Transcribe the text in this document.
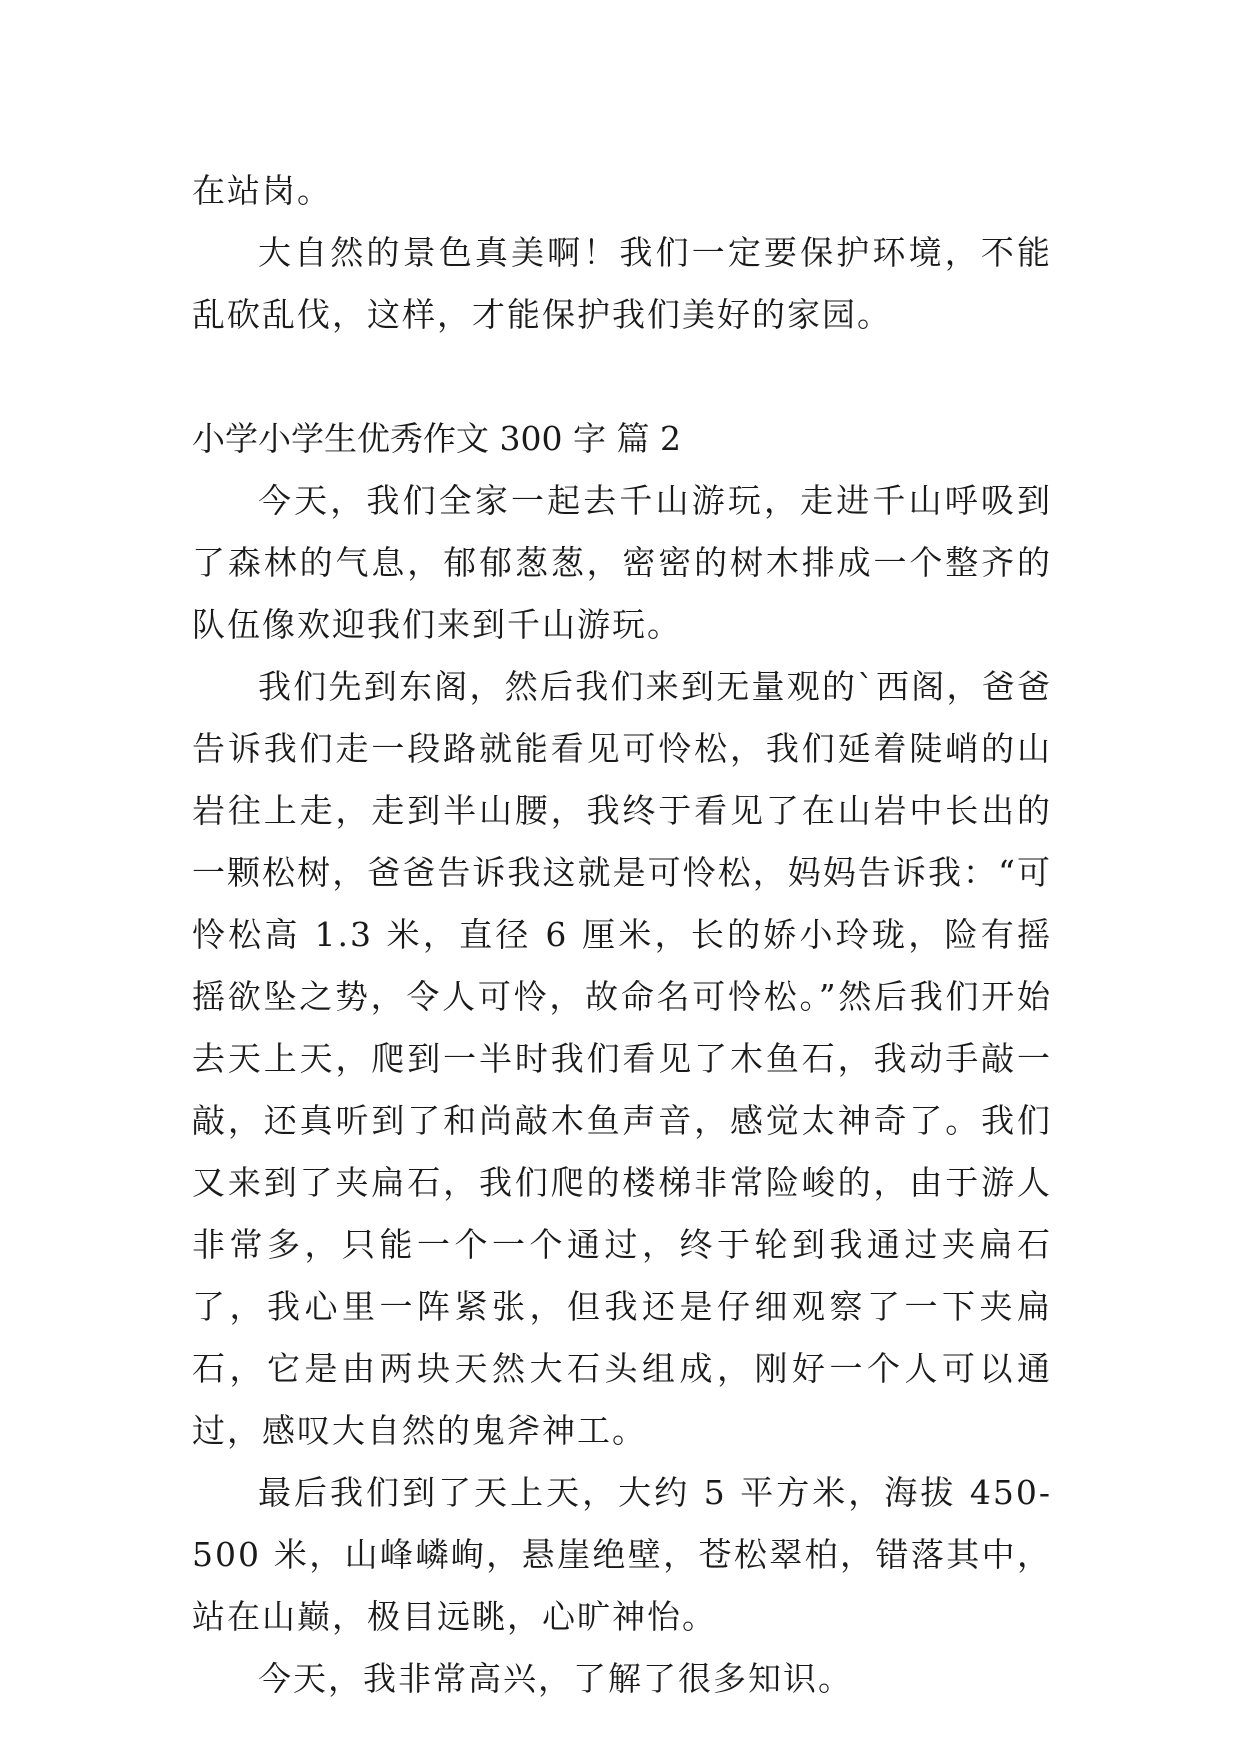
在站岗。

大自然的景色真美啊！我们一定要保护环境，不能乱砍乱伐，这样，才能保护我们美好的家园。

小学小学生优秀作文 300 字 篇 2

今天，我们全家一起去千山游玩，走进千山呼吸到了森林的气息，郁郁葱葱，密密的树木排成一个整齐的队伍像欢迎我们来到千山游玩。

我们先到东阁，然后我们来到无量观的`西阁，爸爸告诉我们走一段路就能看见可怜松，我们延着陡峭的山岩往上走，走到半山腰，我终于看见了在山岩中长出的一颗松树，爸爸告诉我这就是可怜松，妈妈告诉我：“可怜松高 1.3 米，直径 6 厘米，长的娇小玲珑，险有摇摇欲坠之势，令人可怜，故命名可怜松。”然后我们开始去天上天，爬到一半时我们看见了木鱼石，我动手敲一敲，还真听到了和尚敲木鱼声音，感觉太神奇了。我们又来到了夹扁石，我们爬的楼梯非常险峻的，由于游人非常多，只能一个一个通过，终于轮到我通过夹扁石了，我心里一阵紧张，但我还是仔细观察了一下夹扁石，它是由两块天然大石头组成，刚好一个人可以通过，感叹大自然的鬼斧神工。

最后我们到了天上天，大约 5 平方米，海拔 450-500 米，山峰嶙峋，悬崖绝壁，苍松翠柏，错落其中，站在山巅，极目远眺，心旷神怡。

今天，我非常高兴，了解了很多知识。
